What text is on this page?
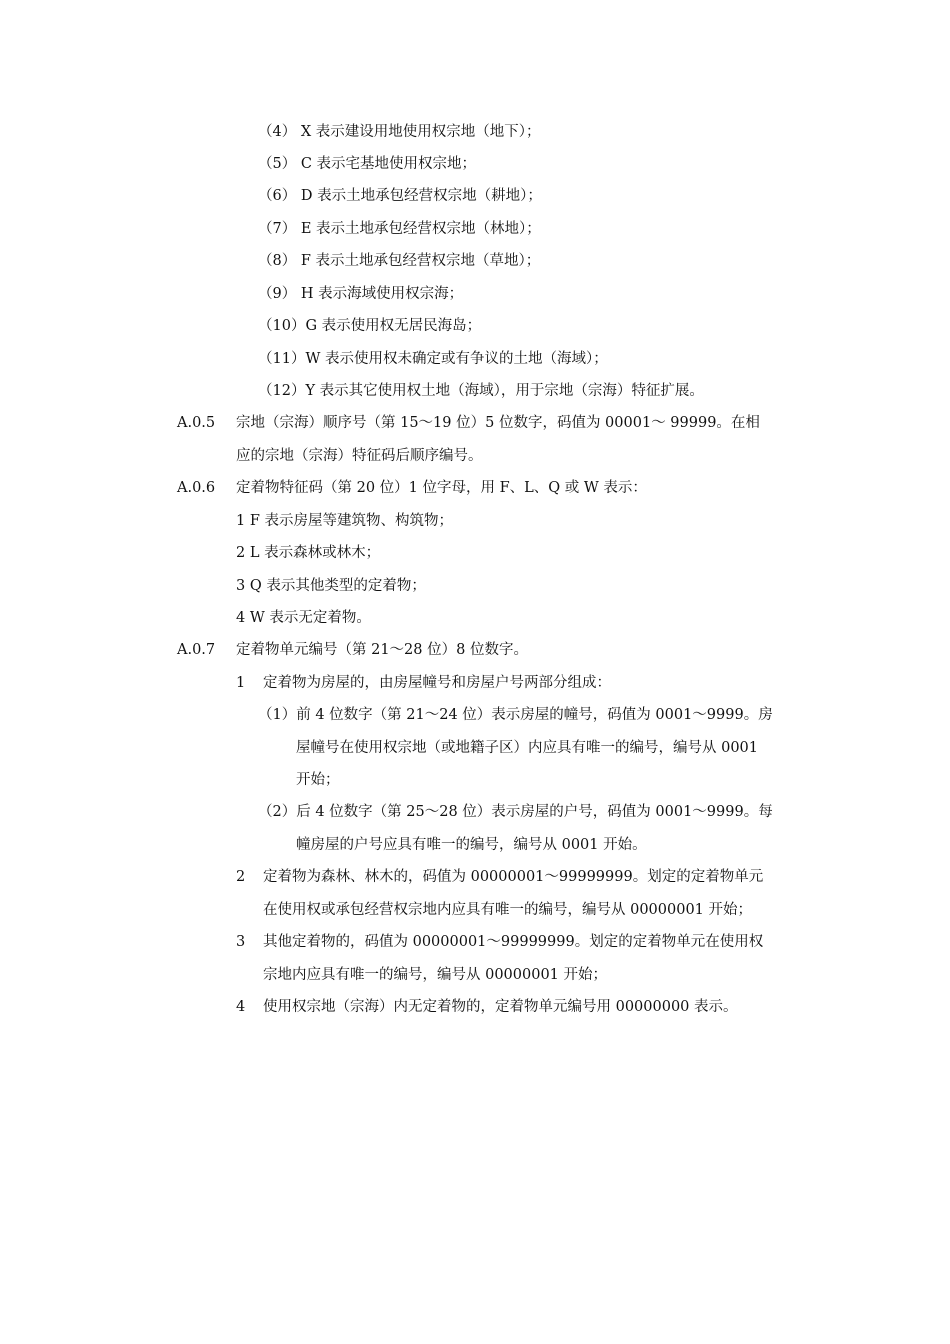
（4） X 表示建设用地使用权宗地（地下）；
（5） C 表示宅基地使用权宗地；
（6） D 表示土地承包经营权宗地（耕地）；
（7） E 表示土地承包经营权宗地（林地）；
（8） F 表示土地承包经营权宗地（草地）；
（9） H 表示海域使用权宗海；
（10）G 表示使用权无居民海岛；
（11）W 表示使用权未确定或有争议的土地（海域）；
（12）Y 表示其它使用权土地（海域），用于宗地（宗海）特征扩展。
A.0.5 宗地（宗海）顺序号（第 15～19 位）5 位数字，码值为 00001～ 99999。在相
应的宗地（宗海）特征码后顺序编号。
A.0.6 定着物特征码（第 20 位）1 位字母，用 F、L、Q 或 W 表示：
1 F 表示房屋等建筑物、构筑物；
2 L 表示森林或林木；
3 Q 表示其他类型的定着物；
4 W 表示无定着物。
A.0.7 定着物单元编号（第 21～28 位）8 位数字。
1 定着物为房屋的，由房屋幢号和房屋户号两部分组成：
（1）前 4 位数字（第 21～24 位）表示房屋的幢号，码值为 0001～9999。房
屋幢号在使用权宗地（或地籍子区）内应具有唯一的编号，编号从 0001
开始；
（2）后 4 位数字（第 25～28 位）表示房屋的户号，码值为 0001～9999。每
幢房屋的户号应具有唯一的编号，编号从 0001 开始。
2 定着物为森林、林木的，码值为 00000001～99999999。划定的定着物单元
在使用权或承包经营权宗地内应具有唯一的编号，编号从 00000001 开始；
3 其他定着物的，码值为 00000001～99999999。划定的定着物单元在使用权
宗地内应具有唯一的编号，编号从 00000001 开始；
4 使用权宗地（宗海）内无定着物的，定着物单元编号用 00000000 表示。
